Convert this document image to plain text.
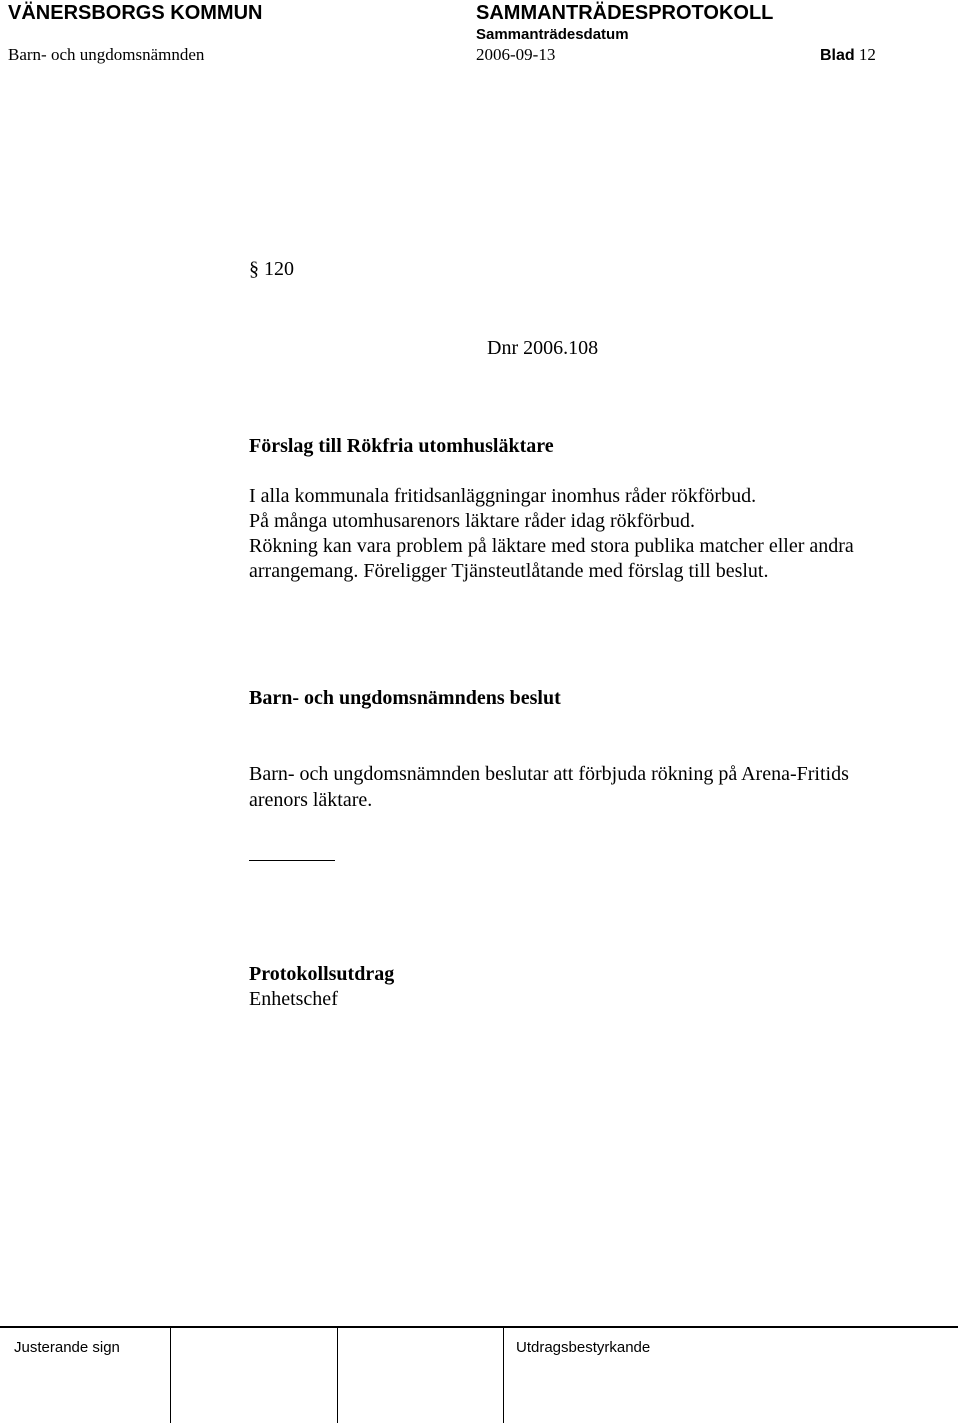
VÄNERSBORGS KOMMUN	SAMMANTRÄDESPROTOKOLL
Sammanträdesdatum
Barn- och ungdomsnämnden	2006-09-13	Blad 12
§ 120
Dnr 2006.108
Förslag till Rökfria utomhusläktare
I alla kommunala fritidsanläggningar inomhus råder rökförbud.
På många utomhusarenors läktare råder idag rökförbud.
Rökning kan vara problem på läktare med stora publika matcher eller andra
arrangemang. Föreligger Tjänsteutlåtande med förslag till beslut.
Barn- och ungdomsnämndens beslut
Barn- och ungdomsnämnden beslutar att förbjuda rökning på Arena-Fritids
arenors läktare.
Protokollsutdrag
Enhetschef
Justerande sign	Utdragsbestyrkande
